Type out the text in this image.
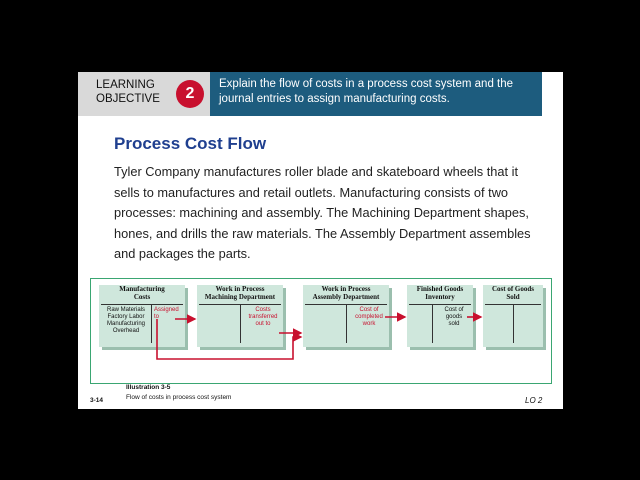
LEARNING
OBJECTIVE	2
Explain the flow of costs in a process cost system and the journal entries to assign manufacturing costs.
Process Cost Flow
Tyler Company manufactures roller blade and skateboard wheels that it sells to manufactures and retail outlets. Manufacturing consists of two processes: machining and assembly. The Machining Department shapes, hones, and drills the raw materials. The Assembly Department assembles and packages the parts.
Manufacturing
Costs
Raw Materials
Factory Labor
Manufacturing
Overhead
Assigned
to
Work in Process
Machining Department
Costs
transferred
out to
Work in Process
Assembly Department
Cost of
completed
work
Finished Goods
Inventory
Cost of
goods
sold
Cost of Goods
Sold
Illustration 3-5
Flow of costs in process cost system
3-14	LO 2
